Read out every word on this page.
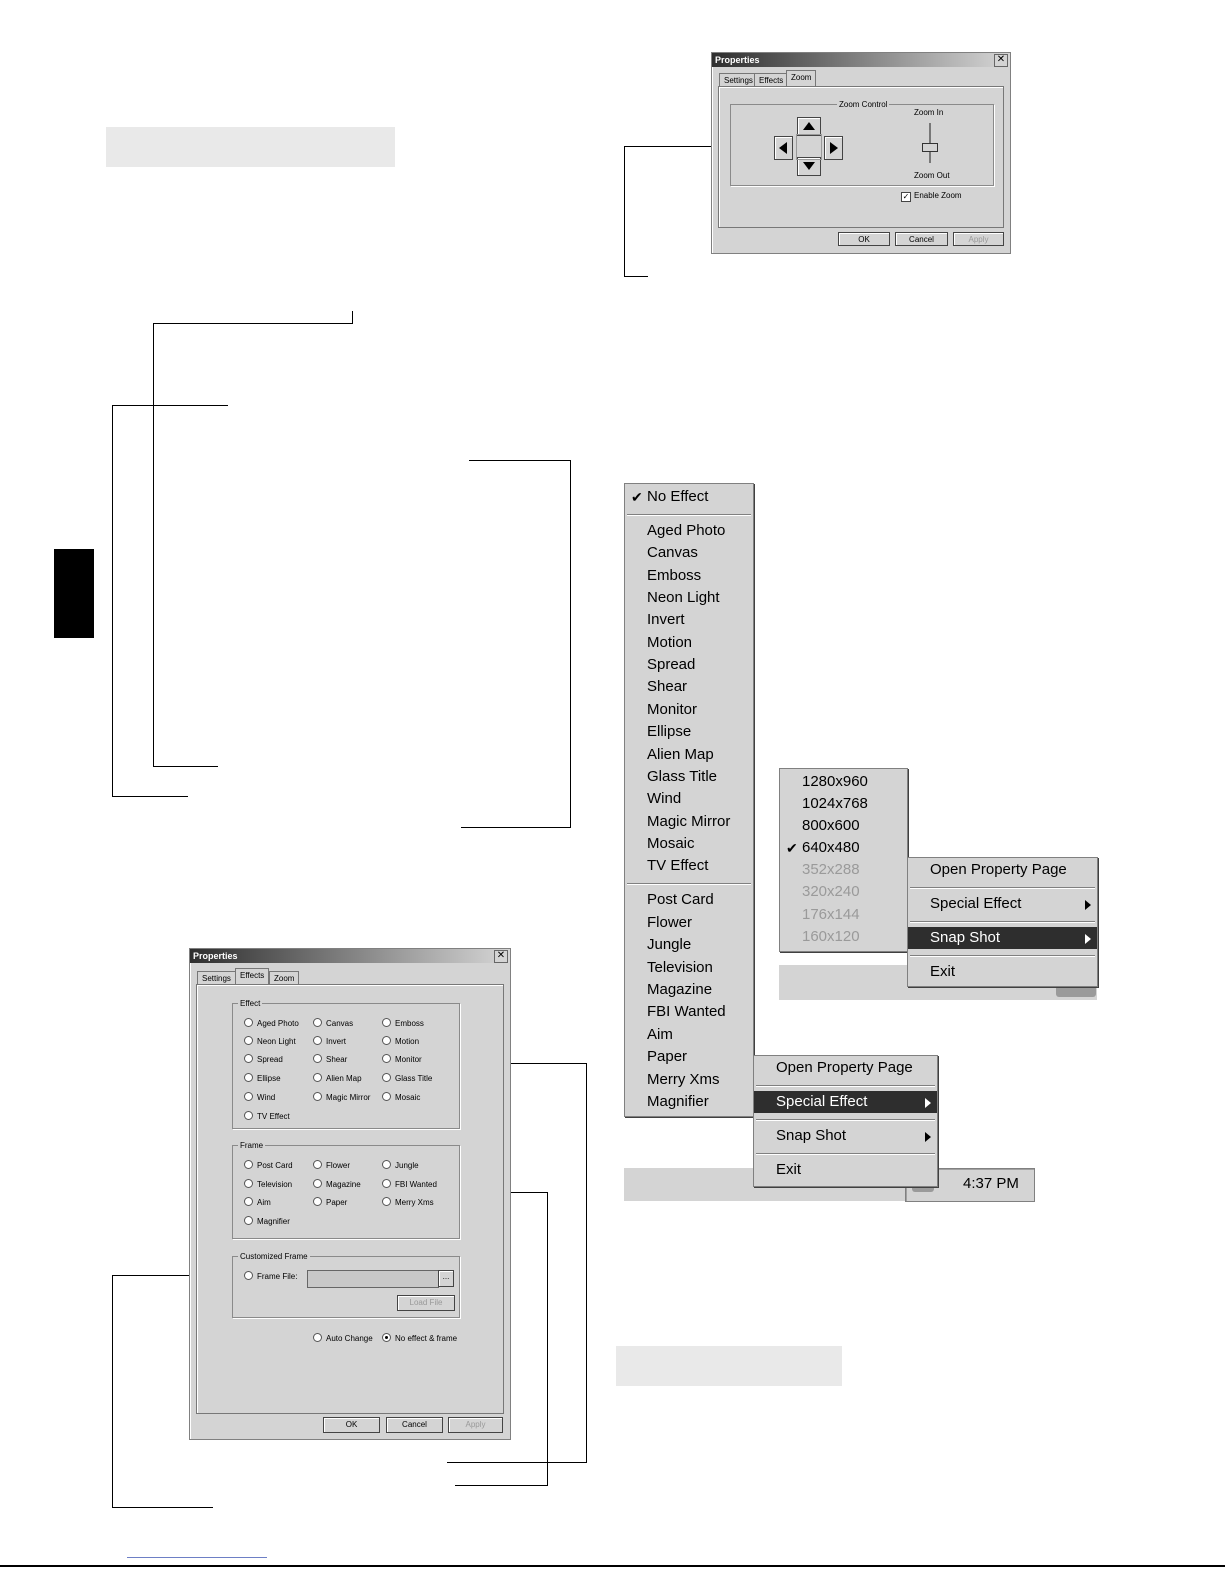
Properties	✕
Settings Effects Zoom
Zoom Control
Zoom In
Zoom Out
✓ Enable Zoom
OK	Cancel	Apply
Properties	✕
Settings	Effects	Zoom
Effect
Aged Photo	Canvas	Emboss
Neon Light	Invert	Motion
Spread	Shear	Monitor
Ellipse	Alien Map	Glass Title
Wind	Magic Mirror	Mosaic
TV Effect
Frame
Post Card	Flower	Jungle
Television	Magazine	FBI Wanted
Aim	Paper	Merry Xms
Magnifier
Customized Frame
Frame File:	...
Load File
Auto Change	No effect & frame
OK	Cancel	Apply
✔ No Effect
Aged Photo
Canvas
Emboss
Neon Light
Invert
Motion
Spread
Shear
Monitor
Ellipse
Alien Map
Glass Title
Wind
Magic Mirror
Mosaic
TV Effect
Post Card
Flower
Jungle
Television
Magazine
FBI Wanted
Aim
Paper
Merry Xms
Magnifier
4:37 PM
Open Property Page
Special Effect
Snap Shot
Exit
1280x960
1024x768
800x600
✔ 640x480
352x288
320x240
176x144
160x120
Open Property Page
Special Effect
Snap Shot
Exit
